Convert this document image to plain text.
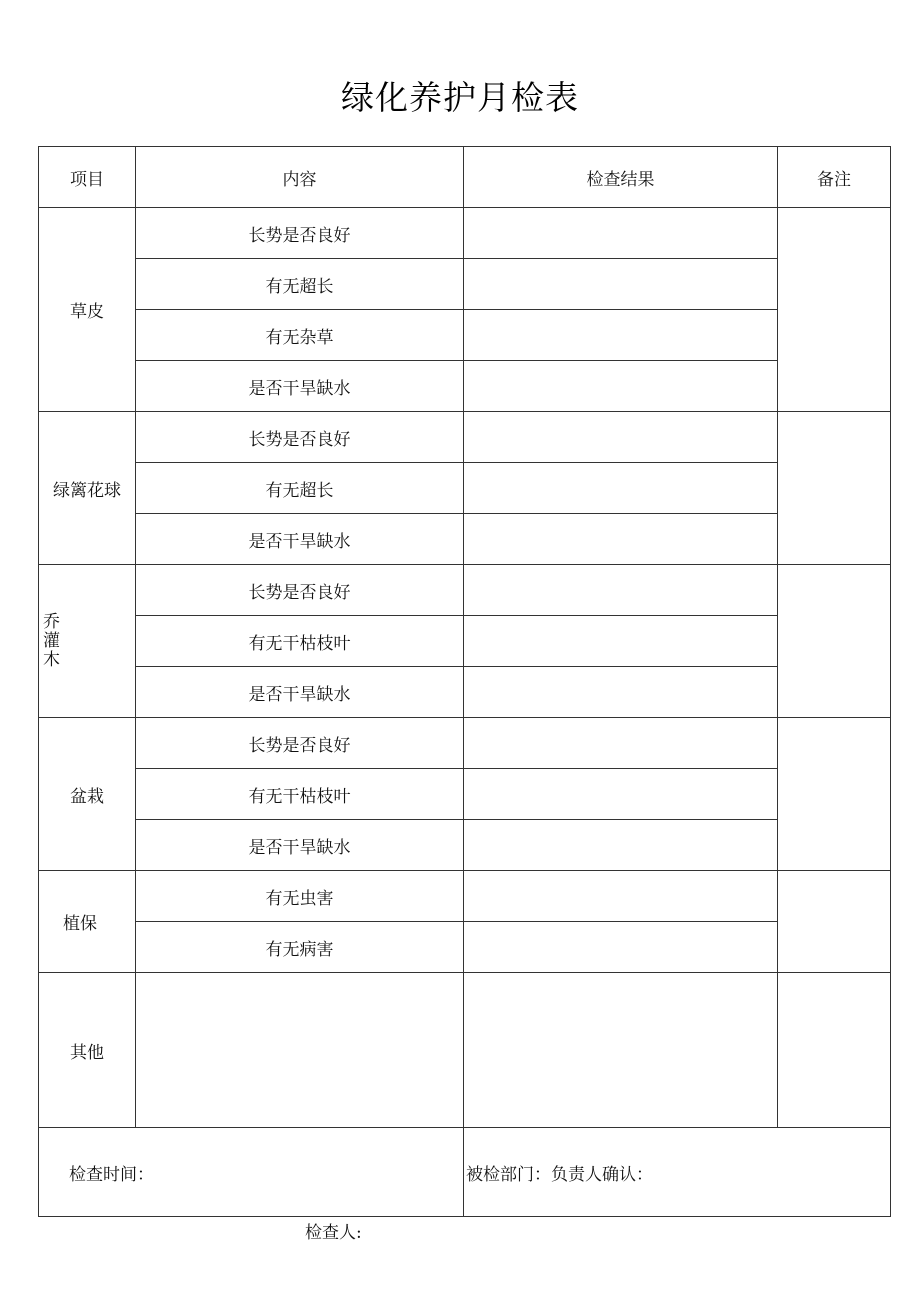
绿化养护月检表
项目	内容	检查结果	备注
草皮	长势是否良好		
	有无超长		
	有无杂草		
	是否干旱缺水		
绿篱花球	长势是否良好		
	有无超长		
	是否干旱缺水		

乔
灌
木	长势是否良好		
	有无干枯枝叶		
	是否干旱缺水		
盆栽	长势是否良好		
	有无干枯枝叶		
	是否干旱缺水		
植保	有无虫害		
	有无病害		
其他			
检查时间：		被检部门：负责人确认：	
检查人:
